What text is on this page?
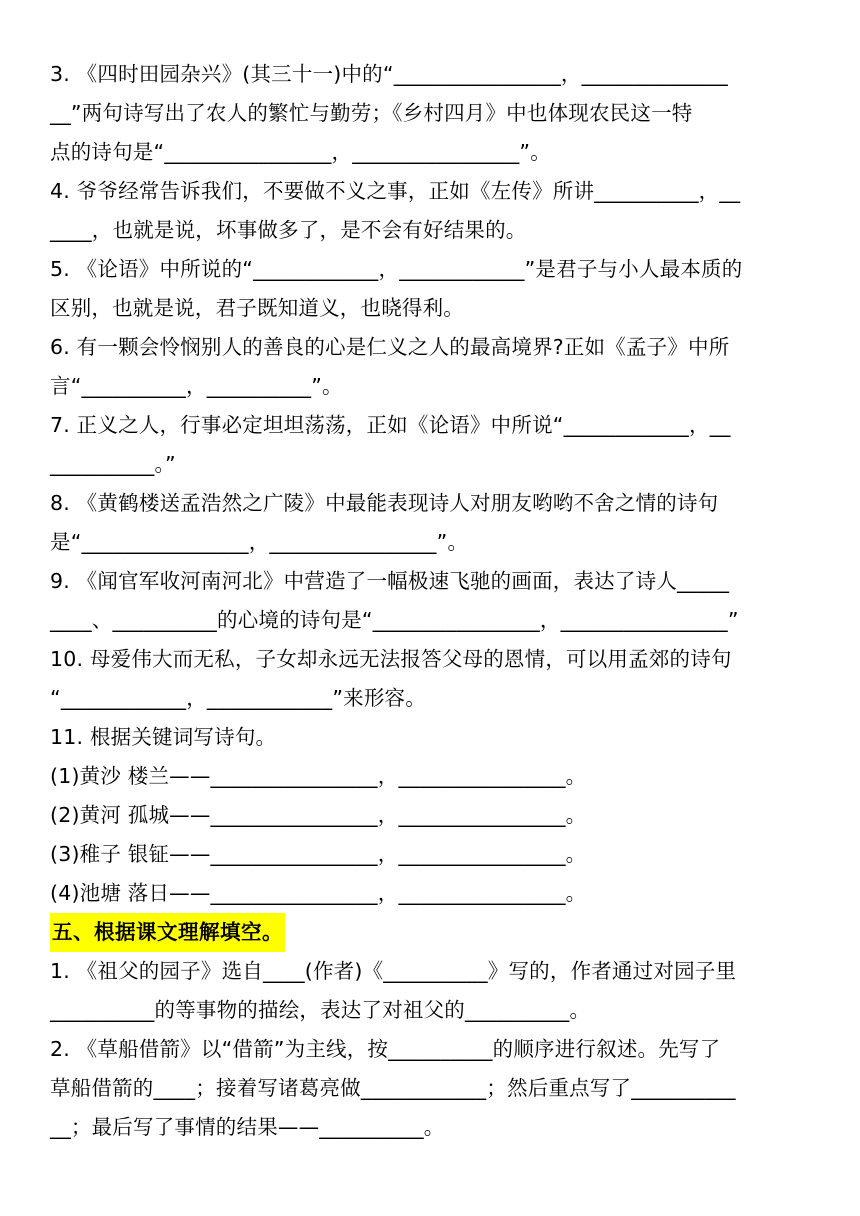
3. 《四时田园杂兴》(其三十一)中的“________________，______________
__”两句诗写出了农人的繁忙与勤劳；《乡村四月》中也体现农民这一特
点的诗句是“________________，________________”。
4. 爷爷经常告诉我们，不要做不义之事，正如《左传》所讲__________，__
____，也就是说，坏事做多了，是不会有好结果的。
5. 《论语》中所说的“____________，____________”是君子与小人最本质的
区别，也就是说，君子既知道义，也晓得利。
6. 有一颗会怜悯别人的善良的心是仁义之人的最高境界?正如《孟子》中所
言“__________，__________”。
7. 正义之人，行事必定坦坦荡荡，正如《论语》中所说“____________，__
__________。”
8. 《黄鹤楼送孟浩然之广陵》中最能表现诗人对朋友哟哟不舍之情的诗句
是“________________，________________”。
9. 《闻官军收河南河北》中营造了一幅极速飞驰的画面，表达了诗人_____
____、__________的心境的诗句是“________________，________________”
10. 母爱伟大而无私，子女却永远无法报答父母的恩情，可以用孟郊的诗句
“____________，____________”来形容。
11. 根据关键词写诗句。
(1)黄沙 楼兰——________________，________________。
(2)黄河 孤城——________________，________________。
(3)稚子 银钲——________________，________________。
(4)池塘 落日——________________，________________。
五、根据课文理解填空。
1. 《祖父的园子》选自____(作者)《__________》写的，作者通过对园子里
__________的等事物的描绘，表达了对祖父的__________。
2. 《草船借箭》以“借箭”为主线，按__________的顺序进行叙述。先写了
草船借箭的____；接着写诸葛亮做____________；然后重点写了__________
__；最后写了事情的结果——__________。
